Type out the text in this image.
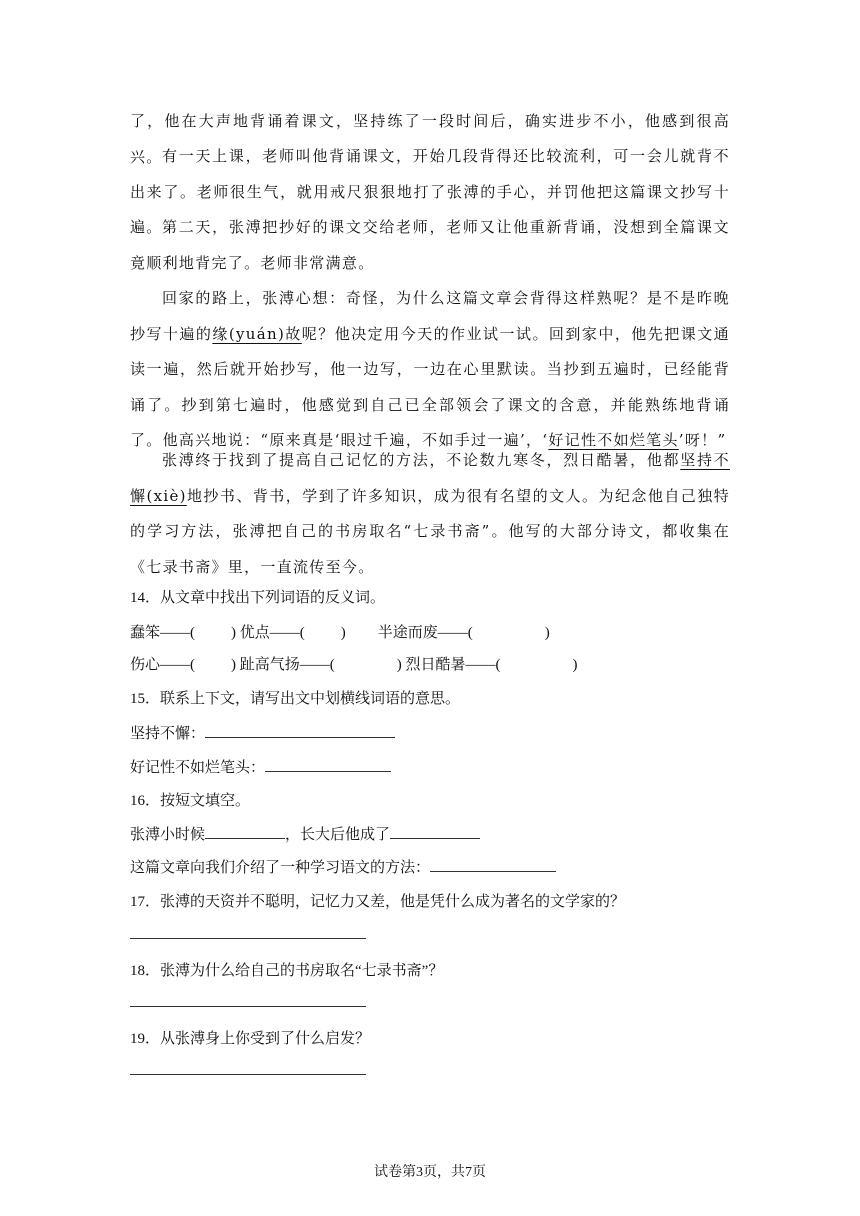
了，他在大声地背诵着课文，坚持练了一段时间后，确实进步不小，他感到很高兴。 有一天上课，老师叫他背诵课文，开始几段背得还比较流利，可一会儿就背不出来了。老师很生气，就用戒尺狠狠地打了张溥的手心，并罚他把这篇课文抄写十遍。 第二天，张溥把抄好的课文交给老师，老师又让他重新背诵，没想到全篇课文竟顺利地背完了。老师非常满意。

回家的路上，张溥心想：奇怪，为什么这篇文章会背得这样熟呢？是不是昨晚抄写十遍的缘(yuán)故呢？他决定用今天的作业试一试。回到家中，他先把课文通读一遍，然后就开始抄写，他一边写，一边在心里默读。当抄到五遍时，已经能背诵了。抄到第七遍时，他感觉到自己已全部领会了课文的含意，并能熟练地背诵了。他高兴地说：“原来真是‘眼过千遍，不如手过一遍’，‘好记性不如烂笔头’呀！”

张溥终于找到了提高自己记忆的方法，不论数九寒冬，烈日酷暑，他都坚持不懈(xiè)地抄书、背书，学到了许多知识，成为很有名望的文人。为纪念他自己独特的学习方法，张溥把自己的书房取名“七录书斋”。他写的大部分诗文，都收集在《七录书斋》里，一直流传至今。

14．从文章中找出下列词语的反义词。
蠢笨——( ) 优点——( ) 半途而废——(	)
伤心——( ) 趾高气扬——(	) 烈日酷暑——(	)
15．联系上下文，请写出文中划横线词语的意思。
坚持不懈：
好记性不如烂笔头：
16．按短文填空。
张溥小时候	，长大后他成了
这篇文章向我们介绍了一种学习语文的方法：
17．张溥的天资并不聪明，记忆力又差，他是凭什么成为著名的文学家的？
18．张溥为什么给自己的书房取名“七录书斋”？
19．从张溥身上你受到了什么启发？
试卷第3页，共7页
